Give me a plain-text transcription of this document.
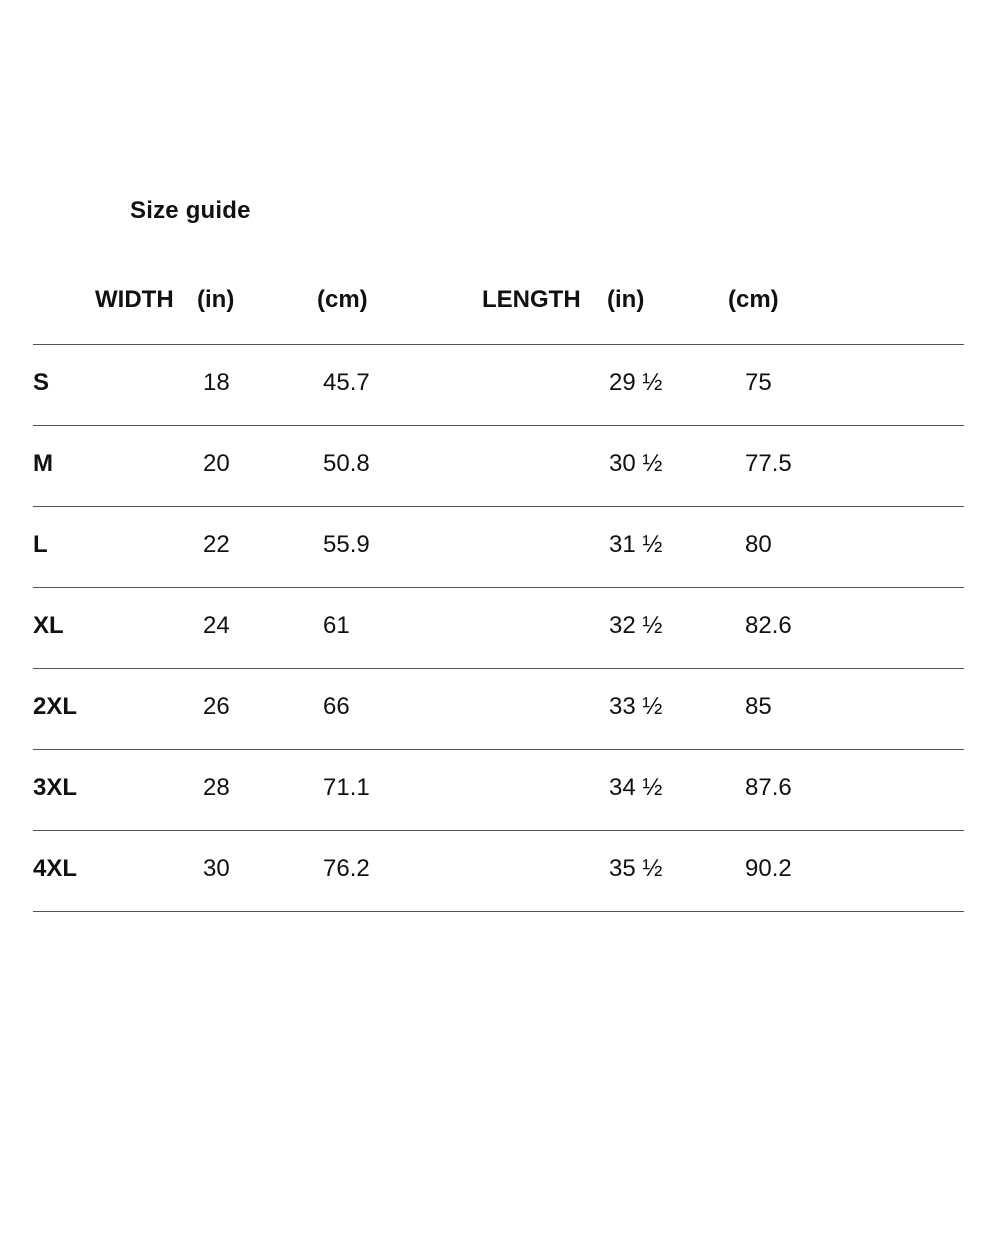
Size guide
WIDTH (in)	(cm)	LENGTH (in)	(cm)
S	18	45.7	29 ½	75
M	20	50.8	30 ½	77.5
L	22	55.9	31 ½	80
XL	24	61	32 ½	82.6
2XL	26	66	33 ½	85
3XL	28	71.1	34 ½	87.6
4XL	30	76.2	35 ½	90.2
